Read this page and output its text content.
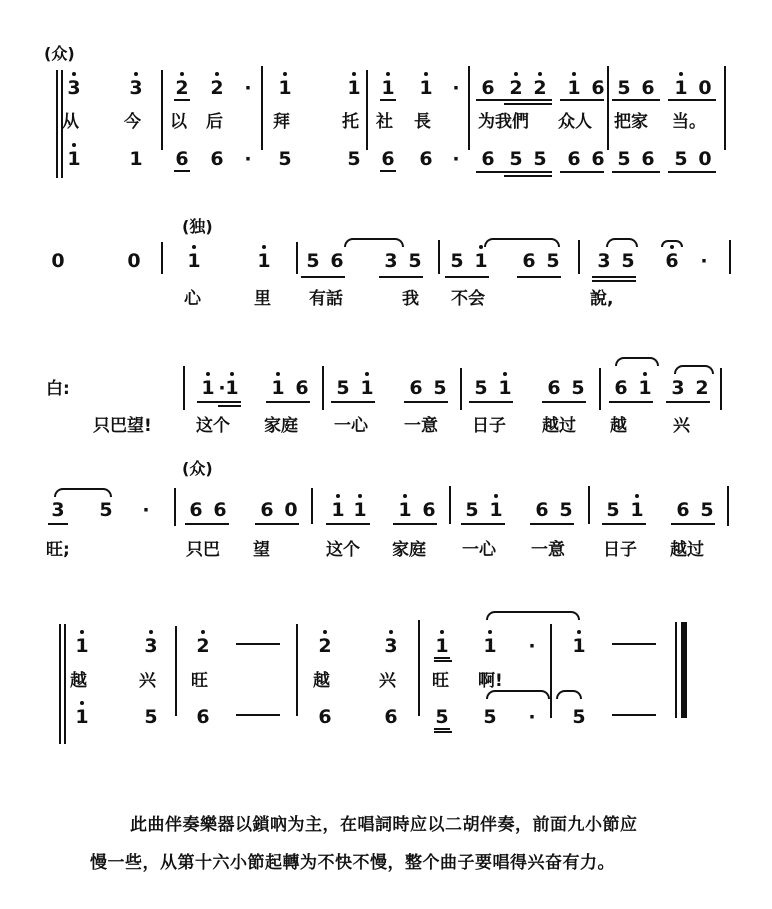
(众)
3	3 2 2 · 1	1 1 1 · 6 2 2 1 6 5 6 1 0
从	今 以 后	拜	托 社 長	为我們 众人 把家 当。
1	1 6 6 · 5	5 6 6 · 6 5 5 6 6 5 6 5 0
(独)
0	0 1	1 5 6 3 5 5 1 6 5 3 5 6 ·
心	里 有話	我 不会	說,
白:	1 · 1 1 6 5 1 6 5 5 1 6 5 6 1 3 2
只巴望!	这个 家庭 一心 一意 日子 越过 越	兴
(众)
3 5 · 6 6 6 0 1 1 1 6 5 1 6 5 5 1 6 5
旺;	只巴 望	这个 家庭 一心 一意 日子 越过
1	3 2	2	3 1 1 · 1
越	兴 旺	越	兴 旺 啊!
1	5 6	6	6 5 5 · 5
此曲伴奏樂器以鎖吶为主，在唱詞時应以二胡伴奏，前面九小節应
慢一些，从第十六小節起轉为不快不慢，整个曲子要唱得兴奋有力。
